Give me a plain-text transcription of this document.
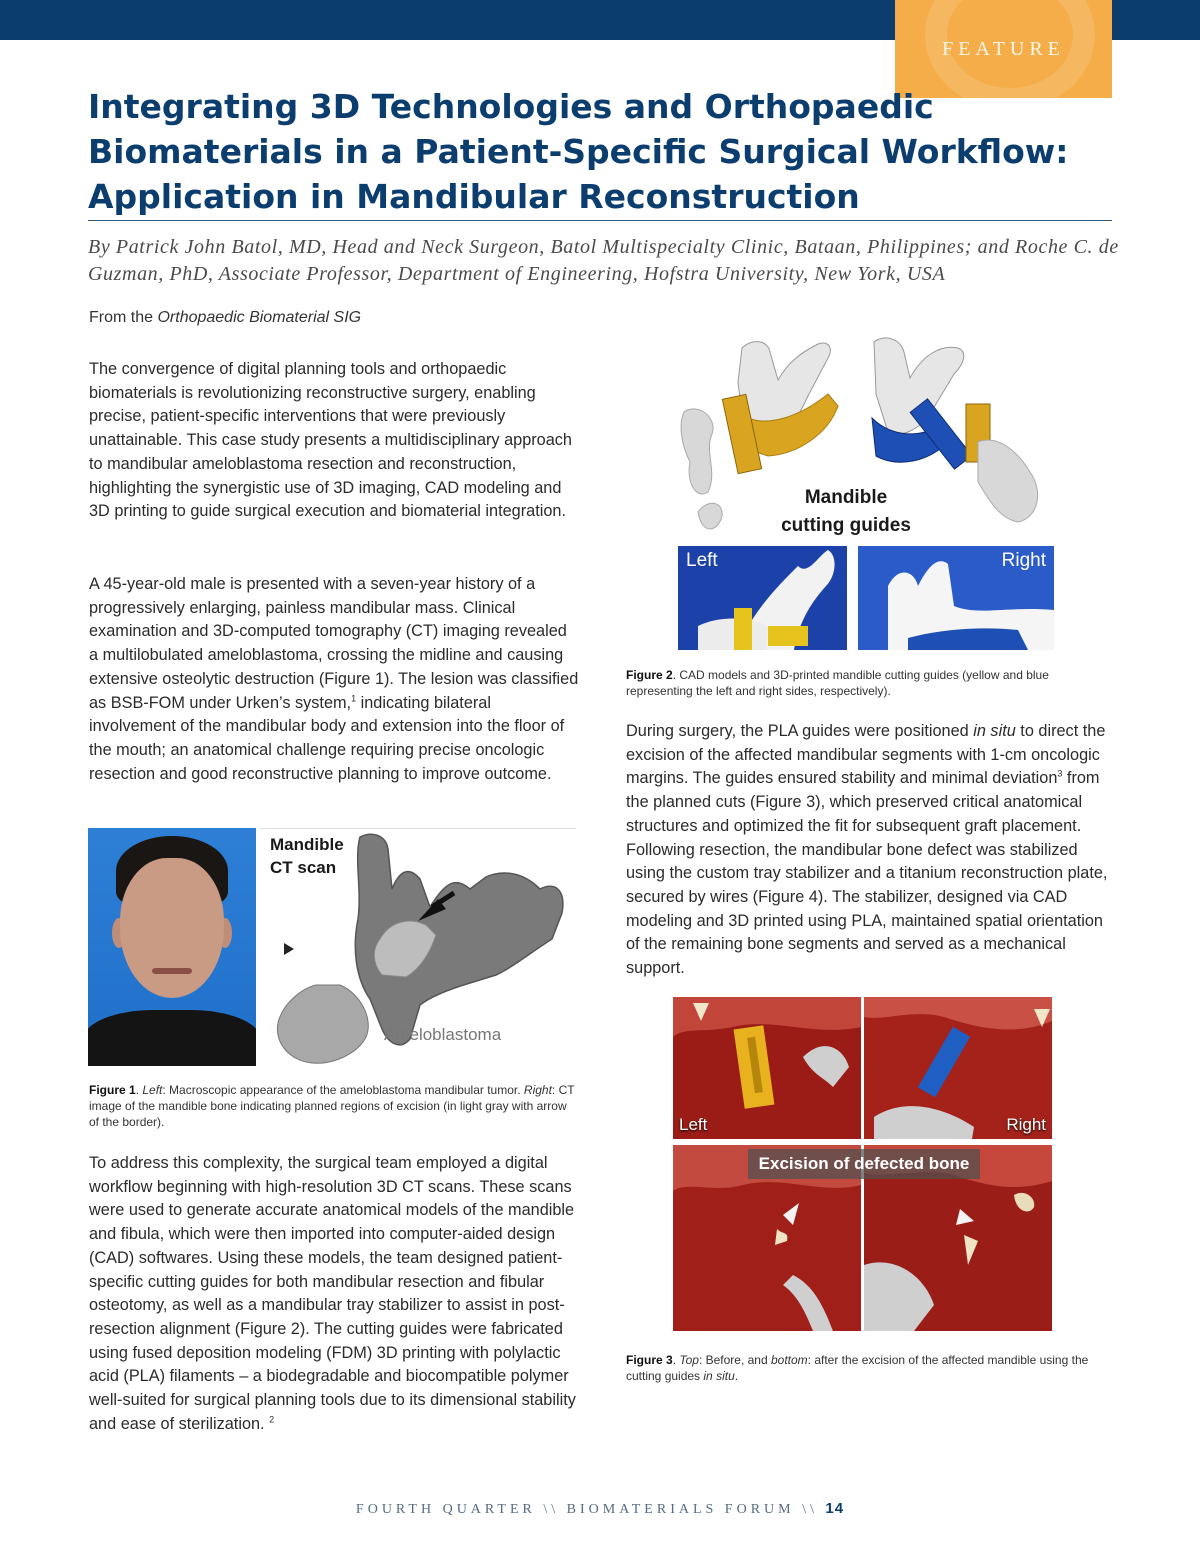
FEATURE
Integrating 3D Technologies and Orthopaedic Biomaterials in a Patient-Specific Surgical Workflow: Application in Mandibular Reconstruction

By Patrick John Batol, MD, Head and Neck Surgeon, Batol Multispecialty Clinic, Bataan, Philippines; and Roche C. de Guzman, PhD, Associate Professor, Department of Engineering, Hofstra University, New York, USA

From the Orthopaedic Biomaterial SIG

The convergence of digital planning tools and orthopaedic biomaterials is revolutionizing reconstructive surgery, enabling precise, patient-specific interventions that were previously unattainable. This case study presents a multidisciplinary approach to mandibular ameloblastoma resection and reconstruction, highlighting the synergistic use of 3D imaging, CAD modeling and 3D printing to guide surgical execution and biomaterial integration.

A 45-year-old male is presented with a seven-year history of a progressively enlarging, painless mandibular mass. Clinical examination and 3D-computed tomography (CT) imaging revealed a multilobulated ameloblastoma, crossing the midline and causing extensive osteolytic destruction (Figure 1). The lesion was classified as BSB-FOM under Urken’s system,$^1$ indicating bilateral involvement of the mandibular body and extension into the floor of the mouth; an anatomical challenge requiring precise oncologic resection and good reconstructive planning to improve outcome.

Mandible
CT scan
Ameloblastoma

Figure 1. Left: Macroscopic appearance of the ameloblastoma mandibular tumor. Right: CT image of the mandible bone indicating planned regions of excision (in light gray with arrow of the border).

To address this complexity, the surgical team employed a digital workflow beginning with high-resolution 3D CT scans. These scans were used to generate accurate anatomical models of the mandible and fibula, which were then imported into computer-aided design (CAD) softwares. Using these models, the team designed patient-specific cutting guides for both mandibular resection and fibular osteotomy, as well as a mandibular tray stabilizer to assist in post-resection alignment (Figure 2). The cutting guides were fabricated using fused deposition modeling (FDM) 3D printing with polylactic acid (PLA) filaments – a biodegradable and biocompatible polymer well-suited for surgical planning tools due to its dimensional stability and ease of sterilization. $^2$

Mandible
cutting guides
Left	Right

Figure 2. CAD models and 3D-printed mandible cutting guides (yellow and blue representing the left and right sides, respectively).

During surgery, the PLA guides were positioned in situ to direct the excision of the affected mandibular segments with 1-cm oncologic margins. The guides ensured stability and minimal deviation$^3$ from the planned cuts (Figure 3), which preserved critical anatomical structures and optimized the fit for subsequent graft placement. Following resection, the mandibular bone defect was stabilized using the custom tray stabilizer and a titanium reconstruction plate, secured by wires (Figure 4). The stabilizer, designed via CAD modeling and 3D printed using PLA, maintained spatial orientation of the remaining bone segments and served as a mechanical support.

Left	Right
Excision of defected bone

Figure 3. Top: Before, and bottom: after the excision of the affected mandible using the cutting guides in situ.

FOURTH QUARTER \\ BIOMATERIALS FORUM \\ 14
